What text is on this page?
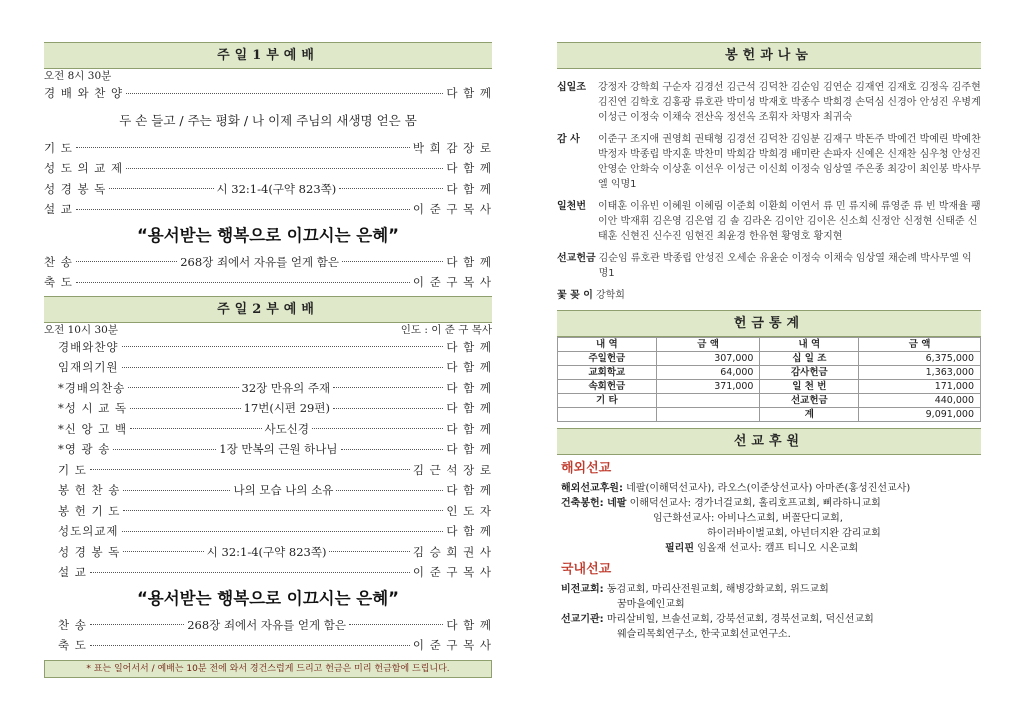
주일1부예배
오전 8시 30분
경 배 와 찬 양	다 함 께
두 손 들고 / 주는 평화 / 나 이제 주님의 새생명 얻은 몸
기 도	박 희 감 장 로
성 도 의 교 제	다 함 께
성 경 봉 독	시 32:1-4(구약 823쪽)	다 함 께
설 교	이 준 구 목 사
“용서받는 행복으로 이끄시는 은혜”
찬 송	268장 죄에서 자유를 얻게 함은	다 함 께
축 도	이 준 구 목 사
주일2부예배
오전 10시 30분	인도 : 이 준 구 목사
경배와찬양	다 함 께
임재의기원	다 함 께
*경배의찬송	32장 만유의 주재	다 함 께
*성 시 교 독	17번(시편 29편)	다 함 께
*신 앙 고 백	사도신경	다 함 께
*영 광 송	1장 만복의 근원 하나님	다 함 께
기 도	김 근 석 장 로
봉 헌 찬 송	나의 모습 나의 소유	다 함 께
봉 헌 기 도	인 도 자
성도의교제	다 함 께
성 경 봉 독	시 32:1-4(구약 823쪽)	김 승 희 권 사
설 교	이 준 구 목 사
“용서받는 행복으로 이끄시는 은혜”
찬 송	268장 죄에서 자유를 얻게 함은	다 함 께
축 도	이 준 구 목 사
* 표는 일어서서 / 예배는 10분 전에 와서 경건스럽게 드리고 헌금은 미리 헌금함에 드립니다.
봉헌과나눔
십일조	강정자 강학희 구순자 김경선 김근석 김덕찬 김순임 김연순 김재연 김재호 김정옥 김주현 김진연 김학호 김홍광 류호관 박미성 박재호 박종수 박희경 손덕심 신경아 안성진 우병계 이성근 이정숙 이채숙 전산옥 정선옥 조휘자 차명자 최귀숙
감 사	이준구 조지애 권영희 권태형 김경선 김덕찬 김임분 김재구 박돈주 박예건 박예린 박예찬 박정자 박종립 박지훈 박찬미 박희감 박희경 배미란 손파자 신예은 신재찬 심우청 안성진 안영순 안화숙 이상훈 이선우 이성근 이신희 이정숙 임상열 주은종 최강이 최인봉 박사무엘 익명1
일천번	이태훈 이유빈 이혜원 이혜림 이준희 이환희 이연서 류 민 류지혜 류영준 류 빈 박재율 팽이안 박재휘 김은영 김은엽 김 솔 김라온 김이안 김이은 신소희 신정안 신정현 신태준 신태훈 신현진 신수진 임현진 최윤경 한유현 황영호 황지현
선교헌금 김순임 류호관 박종립 안성진 오세순 유윤순 이정숙 이채숙 임상열 채순례 박사무엘 익명1
꽃 꽂 이 강학희
헌금통계
내 역	금 액	내 역	금 액
주일헌금	307,000	십 일 조	6,375,000
교회학교	64,000	감사헌금	1,363,000
속회헌금	371,000	일 천 번	171,000
기 타		선교헌금	440,000
		계	9,091,000
선교후원
해외선교
해외선교후원: 네팔(이해덕선교사), 라오스(이준상선교사) 아마존(홍성진선교사)
건축봉헌: 네팔 이해덕선교사: 경가너걸교회, 홀리호프교회, 삐라하니교회
임근화선교사: 아비나스교회, 버꼴단디교회,
하이러바이벌교회, 아넌더지완 감리교회
필리핀 임올재 선교사: 캠프 티니오 시온교회
국내선교
비전교회: 동검교회, 마리산전원교회, 해병강화교회, 위드교회
꿈마을예인교회
선교기관: 마리살비힐, 브솔선교회, 강북선교회, 경북선교회, 덕신선교회
웨슬리목회연구소, 한국교회선교연구소.
